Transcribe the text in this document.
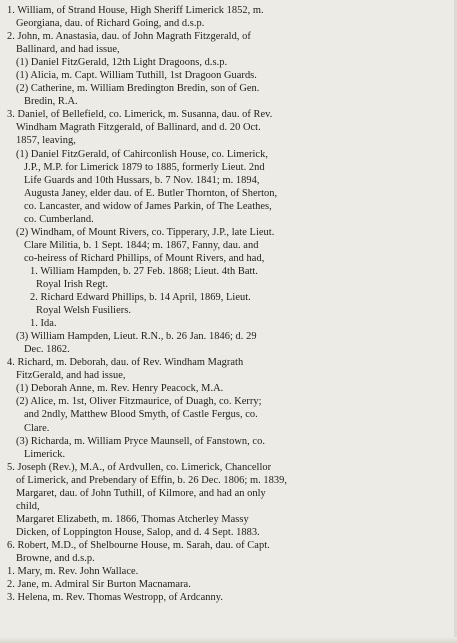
1. William, of Strand House, High Sheriff Limerick 1852, m.
Georgiana, dau. of Richard Going, and d.s.p.
2. John, m. Anastasia, dau. of John Magrath Fitzgerald, of
Ballinard, and had issue,
(1) Daniel FitzGerald, 12th Light Dragoons, d.s.p.
(1) Alicia, m. Capt. William Tuthill, 1st Dragoon Guards.
(2) Catherine, m. William Bredington Bredin, son of Gen.
Bredin, R.A.
3. Daniel, of Bellefield, co. Limerick, m. Susanna, dau. of Rev.
Windham Magrath Fitzgerald, of Ballinard, and d. 20 Oct.
1857, leaving,
(1) Daniel FitzGerald, of Cahirconlish House, co. Limerick,
J.P., M.P. for Limerick 1879 to 1885, formerly Lieut. 2nd
Life Guards and 10th Hussars, b. 7 Nov. 1841; m. 1894,
Augusta Janey, elder dau. of E. Butler Thornton, of Sherton,
co. Lancaster, and widow of James Parkin, of The Leathes,
co. Cumberland.
(2) Windham, of Mount Rivers, co. Tipperary, J.P., late Lieut.
Clare Militia, b. 1 Sept. 1844; m. 1867, Fanny, dau. and
co-heiress of Richard Phillips, of Mount Rivers, and had,
1. William Hampden, b. 27 Feb. 1868; Lieut. 4th Batt.
Royal Irish Regt.
2. Richard Edward Phillips, b. 14 April, 1869, Lieut.
Royal Welsh Fusiliers.
1. Ida.
(3) William Hampden, Lieut. R.N., b. 26 Jan. 1846; d. 29
Dec. 1862.
4. Richard, m. Deborah, dau. of Rev. Windham Magrath
FitzGerald, and had issue,
(1) Deborah Anne, m. Rev. Henry Peacock, M.A.
(2) Alice, m. 1st, Oliver Fitzmaurice, of Duagh, co. Kerry;
and 2ndly, Matthew Blood Smyth, of Castle Fergus, co.
Clare.
(3) Richarda, m. William Pryce Maunsell, of Fanstown, co.
Limerick.
5. Joseph (Rev.), M.A., of Ardvullen, co. Limerick, Chancellor
of Limerick, and Prebendary of Effin, b. 26 Dec. 1806; m. 1839,
Margaret, dau. of John Tuthill, of Kilmore, and had an only
child,
Margaret Elizabeth, m. 1866, Thomas Atcherley Massy
Dicken, of Loppington House, Salop, and d. 4 Sept. 1883.
6. Robert, M.D., of Shelbourne House, m. Sarah, dau. of Capt.
Browne, and d.s.p.
1. Mary, m. Rev. John Wallace.
2. Jane, m. Admiral Sir Burton Macnamara.
3. Helena, m. Rev. Thomas Westropp, of Ardcanny.
